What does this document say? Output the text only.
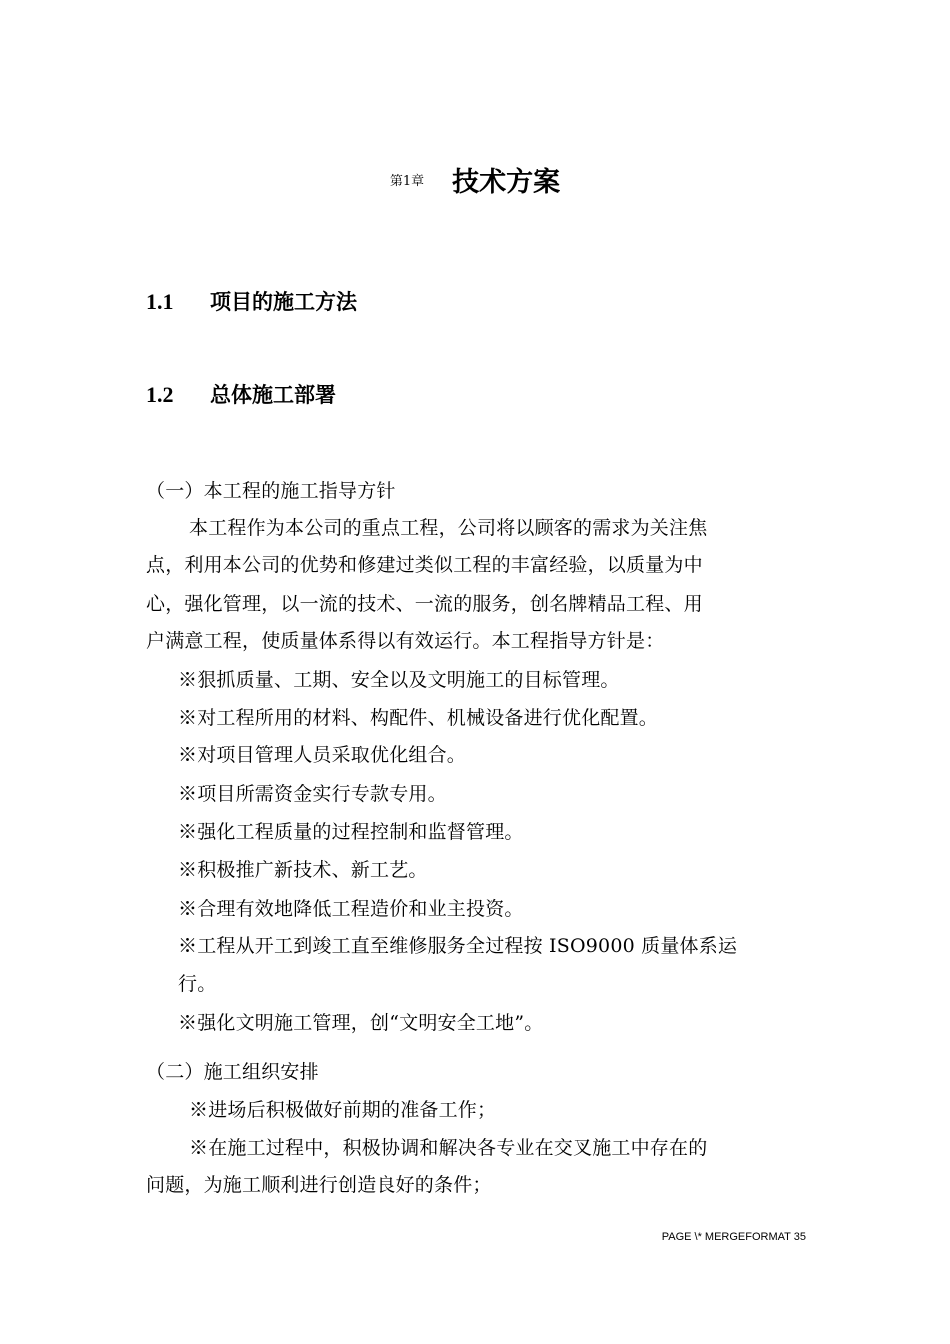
第1章 技术方案
1.1 项目的施工方法
1.2 总体施工部署
（一）本工程的施工指导方针
本工程作为本公司的重点工程，公司将以顾客的需求为关注焦
点，利用本公司的优势和修建过类似工程的丰富经验，以质量为中
心，强化管理，以一流的技术、一流的服务，创名牌精品工程、用
户满意工程，使质量体系得以有效运行。本工程指导方针是：
※狠抓质量、工期、安全以及文明施工的目标管理。
※对工程所用的材料、构配件、机械设备进行优化配置。
※对项目管理人员采取优化组合。
※项目所需资金实行专款专用。
※强化工程质量的过程控制和监督管理。
※积极推广新技术、新工艺。
※合理有效地降低工程造价和业主投资。
※工程从开工到竣工直至维修服务全过程按 ISO9000 质量体系运
行。
※强化文明施工管理，创“文明安全工地”。
（二）施工组织安排
※进场后积极做好前期的准备工作；
※在施工过程中，积极协调和解决各专业在交叉施工中存在的
问题，为施工顺利进行创造良好的条件；
PAGE \* MERGEFORMAT 35
